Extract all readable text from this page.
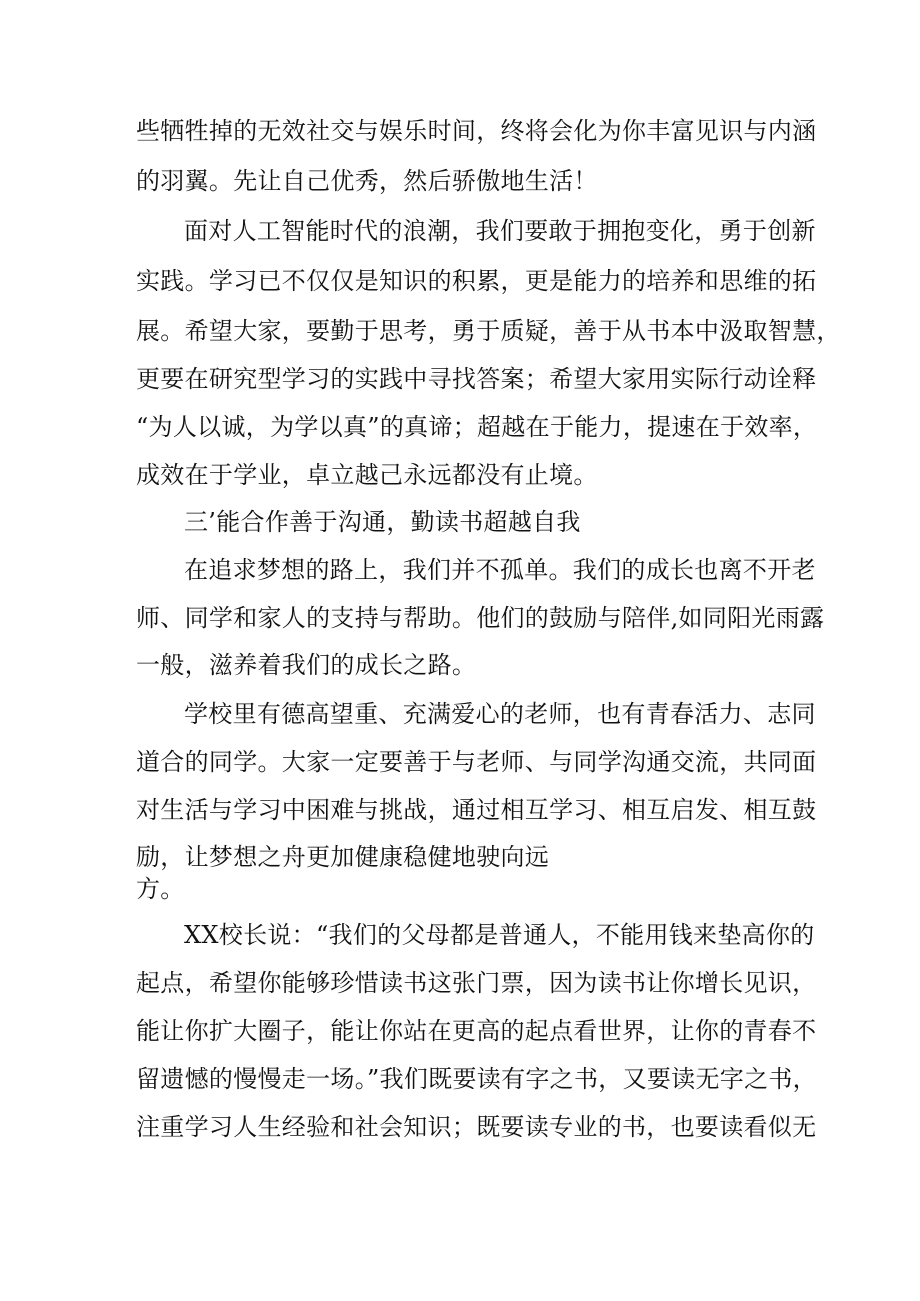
些牺牲掉的无效社交与娱乐时间，终将会化为你丰富见识与内涵
的羽翼。先让自己优秀，然后骄傲地生活！
面对人工智能时代的浪潮，我们要敢于拥抱变化，勇于创新
实践。学习已不仅仅是知识的积累，更是能力的培养和思维的拓
展。希望大家，要勤于思考，勇于质疑，善于从书本中汲取智慧，
更要在研究型学习的实践中寻找答案；希望大家用实际行动诠释
“为人以诚，为学以真”的真谛；超越在于能力，提速在于效率，
成效在于学业，卓立越己永远都没有止境。
三’能合作善于沟通，勤读书超越自我
在追求梦想的路上，我们并不孤单。我们的成长也离不开老
师、同学和家人的支持与帮助。他们的鼓励与陪伴,如同阳光雨露
一般，滋养着我们的成长之路。
学校里有德高望重、充满爱心的老师，也有青春活力、志同
道合的同学。大家一定要善于与老师、与同学沟通交流，共同面
对生活与学习中困难与挑战，通过相互学习、相互启发、相互鼓
励，让梦想之舟更加健康稳健地驶向远
方。
XX校长说：“我们的父母都是普通人，不能用钱来垫高你的
起点，希望你能够珍惜读书这张门票，因为读书让你增长见识，
能让你扩大圈子，能让你站在更高的起点看世界，让你的青春不
留遗憾的慢慢走一场。”我们既要读有字之书，又要读无字之书，
注重学习人生经验和社会知识；既要读专业的书，也要读看似无
